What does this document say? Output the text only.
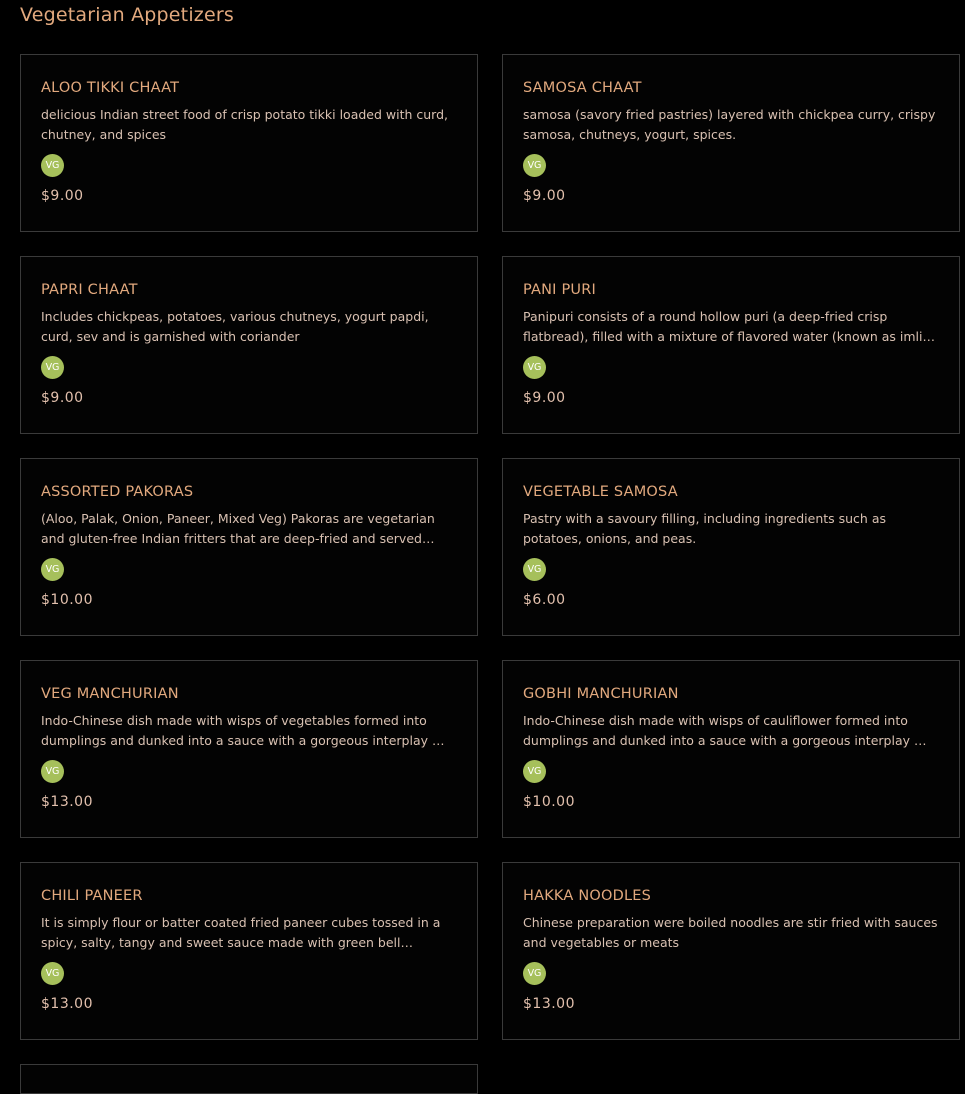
Vegetarian Appetizers
ALOO TIKKI CHAAT
delicious Indian street food of crisp potato tikki loaded with curd, chutney, and spices
VG
$9.00
SAMOSA CHAAT
samosa (savory fried pastries) layered with chickpea curry, crispy samosa, chutneys, yogurt, spices.
VG
$9.00
PAPRI CHAAT
Includes chickpeas, potatoes, various chutneys, yogurt papdi, curd, sev and is garnished with coriander
VG
$9.00
PANI PURI
Panipuri consists of a round hollow puri (a deep-fried crisp flatbread), filled with a mixture of flavored water (known as imli…
VG
$9.00
ASSORTED PAKORAS
(Aloo, Palak, Onion, Paneer, Mixed Veg) Pakoras are vegetarian and gluten-free Indian fritters that are deep-fried and served…
VG
$10.00
VEGETABLE SAMOSA
Pastry with a savoury filling, including ingredients such as potatoes, onions, and peas.
VG
$6.00
VEG MANCHURIAN
Indo-Chinese dish made with wisps of vegetables formed into dumplings and dunked into a sauce with a gorgeous interplay …
VG
$13.00
GOBHI MANCHURIAN
Indo-Chinese dish made with wisps of cauliflower formed into dumplings and dunked into a sauce with a gorgeous interplay …
VG
$10.00
CHILI PANEER
It is simply flour or batter coated fried paneer cubes tossed in a spicy, salty, tangy and sweet sauce made with green bell…
VG
$13.00
HAKKA NOODLES
Chinese preparation were boiled noodles are stir fried with sauces and vegetables or meats
VG
$13.00
